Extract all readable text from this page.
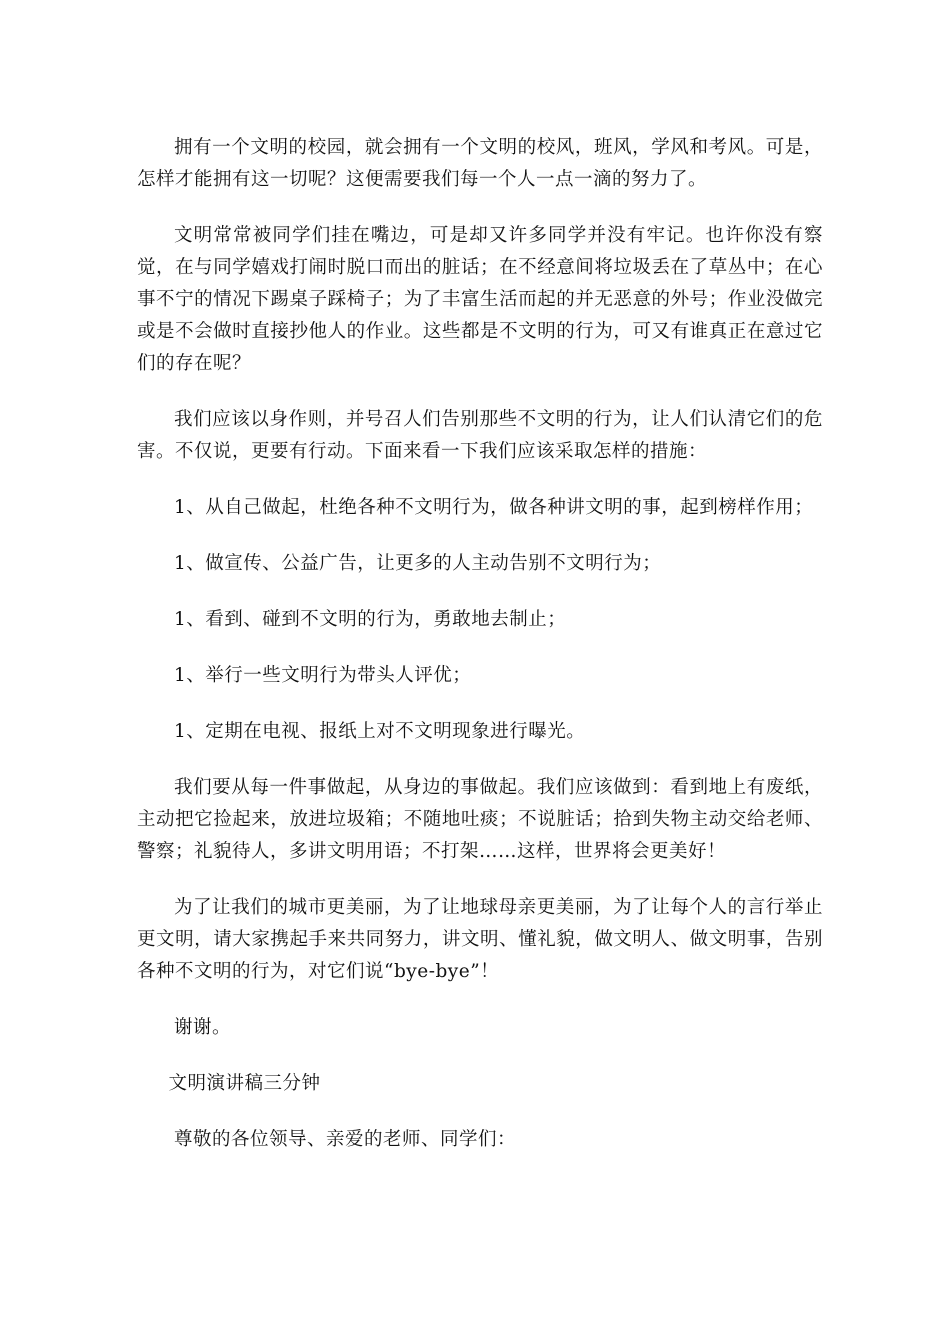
拥有一个文明的校园，就会拥有一个文明的校风，班风，学风和考风。可是，怎样才能拥有这一切呢？这便需要我们每一个人一点一滴的努力了。

文明常常被同学们挂在嘴边，可是却又许多同学并没有牢记。也许你没有察觉，在与同学嬉戏打闹时脱口而出的脏话；在不经意间将垃圾丢在了草丛中；在心事不宁的情况下踢桌子踩椅子；为了丰富生活而起的并无恶意的外号；作业没做完或是不会做时直接抄他人的作业。这些都是不文明的行为，可又有谁真正在意过它们的存在呢？

我们应该以身作则，并号召人们告别那些不文明的行为，让人们认清它们的危害。不仅说，更要有行动。下面来看一下我们应该采取怎样的措施：

1、从自己做起，杜绝各种不文明行为，做各种讲文明的事，起到榜样作用；

1、做宣传、公益广告，让更多的人主动告别不文明行为；

1、看到、碰到不文明的行为，勇敢地去制止；

1、举行一些文明行为带头人评优；

1、定期在电视、报纸上对不文明现象进行曝光。

我们要从每一件事做起，从身边的事做起。我们应该做到：看到地上有废纸，主动把它捡起来，放进垃圾箱；不随地吐痰；不说脏话；拾到失物主动交给老师、警察；礼貌待人，多讲文明用语；不打架……这样，世界将会更美好！

为了让我们的城市更美丽，为了让地球母亲更美丽，为了让每个人的言行举止更文明，请大家携起手来共同努力，讲文明、懂礼貌，做文明人、做文明事，告别各种不文明的行为，对它们说“bye-bye”！

谢谢。

文明演讲稿三分钟

尊敬的各位领导、亲爱的老师、同学们：
